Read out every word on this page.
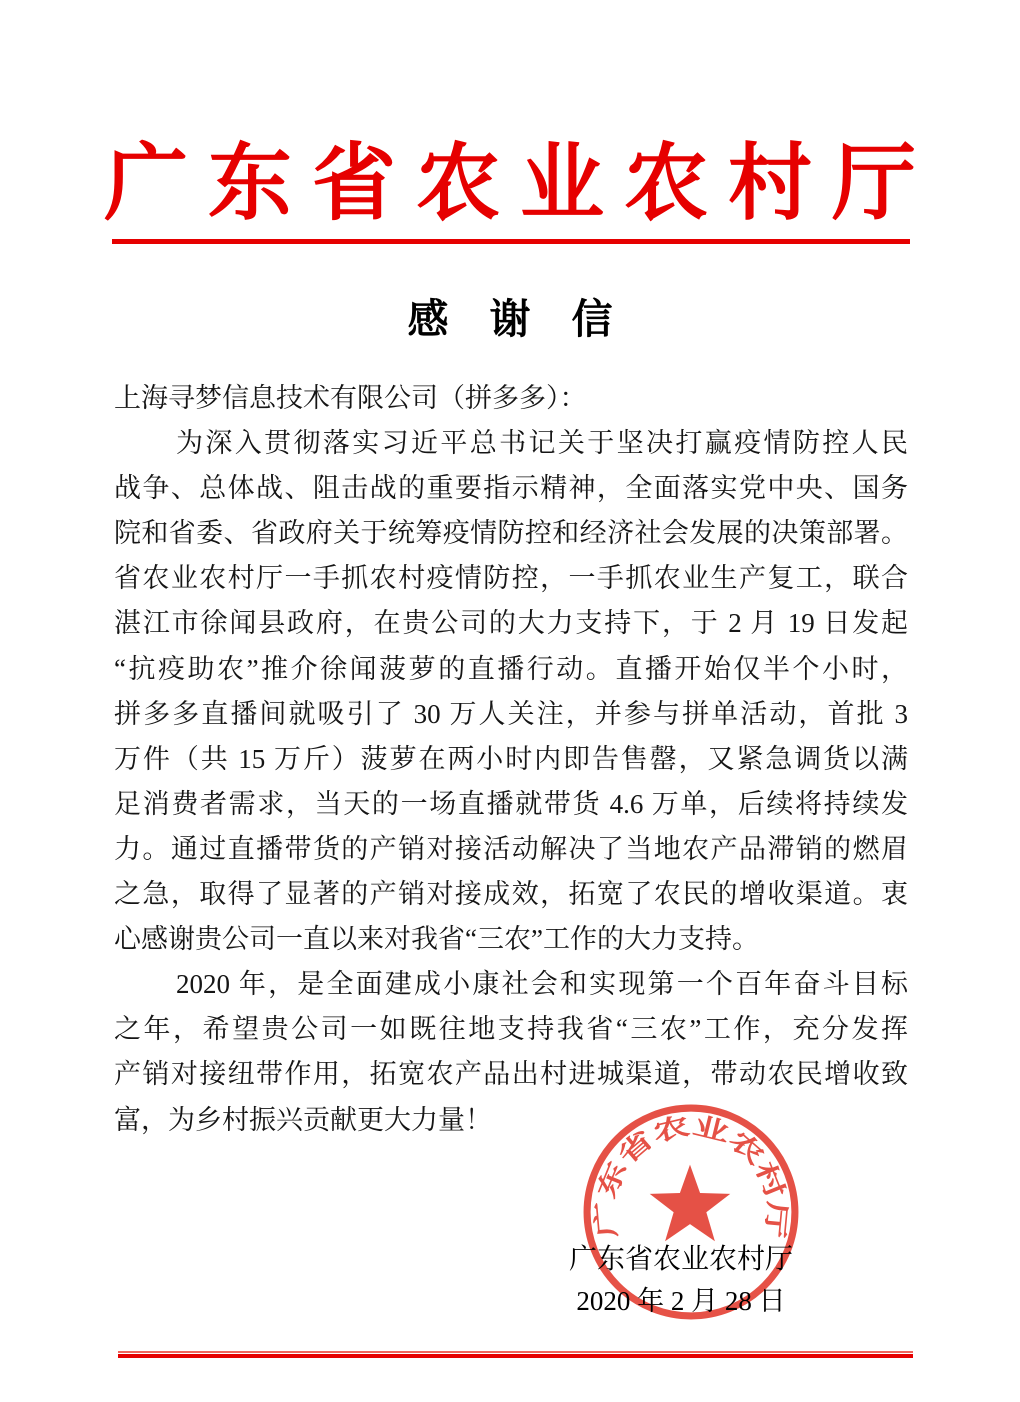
广东省农业农村厅
感　谢　信
上海寻梦信息技术有限公司（拼多多）：
为深入贯彻落实习近平总书记关于坚决打赢疫情防控人民
战争、总体战、阻击战的重要指示精神，全面落实党中央、国务
院和省委、省政府关于统筹疫情防控和经济社会发展的决策部署。
省农业农村厅一手抓农村疫情防控，一手抓农业生产复工，联合
湛江市徐闻县政府，在贵公司的大力支持下，于 2 月 19 日发起
“抗疫助农”推介徐闻菠萝的直播行动。直播开始仅半个小时，
拼多多直播间就吸引了 30 万人关注，并参与拼单活动，首批 3
万件（共 15 万斤）菠萝在两小时内即告售罄，又紧急调货以满
足消费者需求，当天的一场直播就带货 4.6 万单，后续将持续发
力。通过直播带货的产销对接活动解决了当地农产品滞销的燃眉
之急，取得了显著的产销对接成效，拓宽了农民的增收渠道。衷
心感谢贵公司一直以来对我省“三农”工作的大力支持。
2020 年，是全面建成小康社会和实现第一个百年奋斗目标
之年，希望贵公司一如既往地支持我省“三农”工作，充分发挥
产销对接纽带作用，拓宽农产品出村进城渠道，带动农民增收致
富，为乡村振兴贡献更大力量！
广东省农业农村厅
广东省农业农村厅
2020 年 2 月 28 日
